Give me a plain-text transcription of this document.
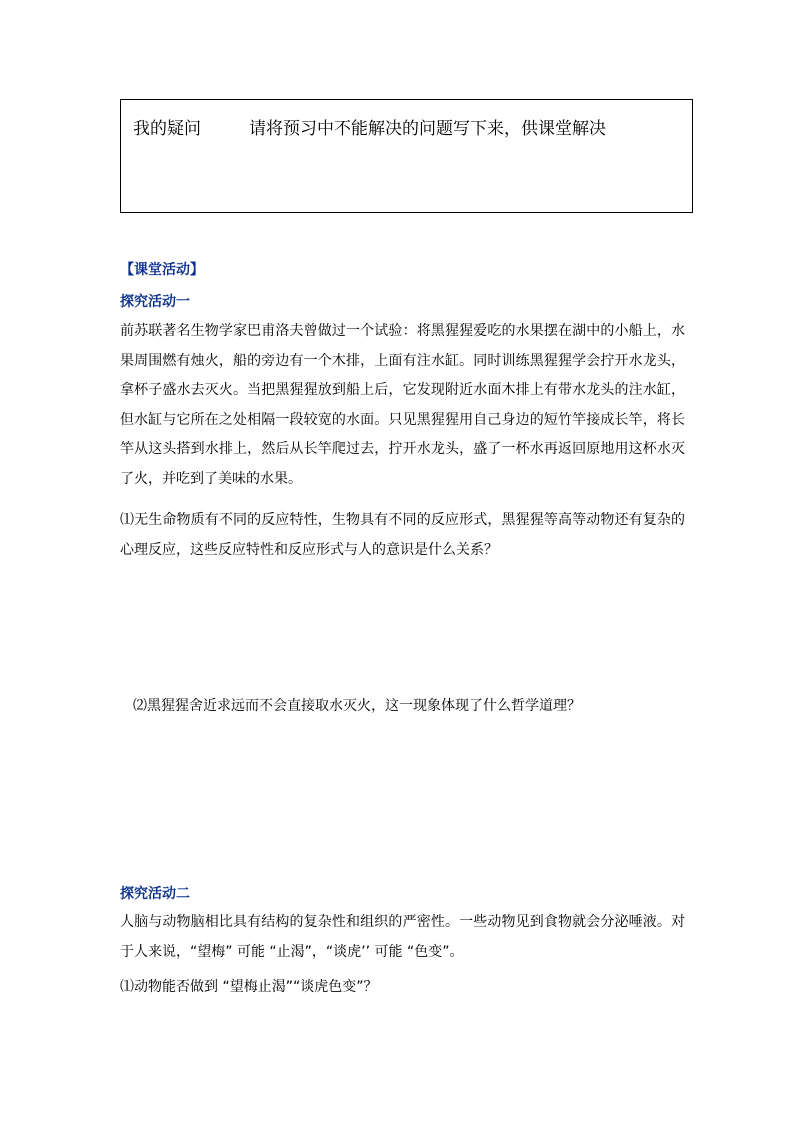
我的疑问	请将预习中不能解决的问题写下来，供课堂解决
【课堂活动】
探究活动一

前苏联著名生物学家巴甫洛夫曾做过一个试验：将黑猩猩爱吃的水果摆在湖中的小船上，水果周围燃有烛火，船的旁边有一个木排，上面有注水缸。同时训练黑猩猩学会拧开水龙头，拿杯子盛水去灭火。当把黑猩猩放到船上后，它发现附近水面木排上有带水龙头的注水缸，但水缸与它所在之处相隔一段较宽的水面。只见黑猩猩用自己身边的短竹竿接成长竿，将长竿从这头搭到水排上，然后从长竿爬过去，拧开水龙头，盛了一杯水再返回原地用这杯水灭了火，并吃到了美味的水果。

⑴无生命物质有不同的反应特性，生物具有不同的反应形式，黑猩猩等高等动物还有复杂的心理反应，这些反应特性和反应形式与人的意识是什么关系？

⑵黑猩猩舍近求远而不会直接取水灭火，这一现象体现了什么哲学道理？
探究活动二

人脑与动物脑相比具有结构的复杂性和组织的严密性。一些动物见到食物就会分泌唾液。对于人来说，“望梅” 可能 “止渴”，“谈虎’’ 可能 “色变”。

⑴动物能否做到 “望梅止渴”“谈虎色变”？
